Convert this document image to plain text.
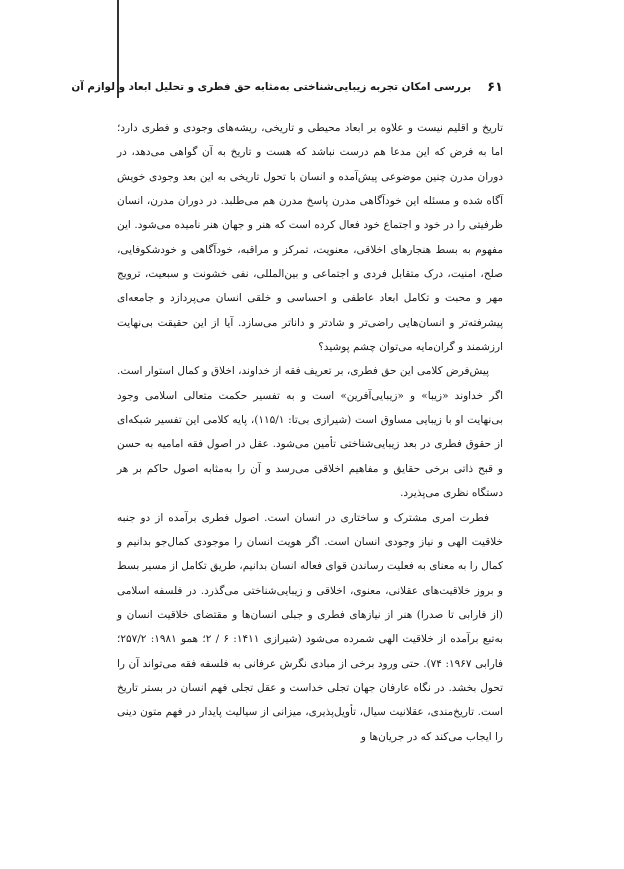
۶۱
بررسی امکان تجربه زیبایی‌شناختی به‌مثابه حق فطری و تحلیل ابعاد و لوازم آن

تاریخ و اقلیم نیست و علاوه بر ابعاد محیطی و تاریخی، ریشه‌های وجودی و فطری دارد؛ اما به فرض که این مدعا هم درست نباشد که هست و تاریخ به آن گواهی می‌دهد، در دوران مدرن چنین موضوعی پیش‌آمده و انسان با تحول تاریخی به این بعد وجودی خویش آگاه شده و مسئله این خودآگاهی مدرن پاسخ مدرن هم می‌طلبد. در دوران مدرن، انسان ظرفیتی را در خود و اجتماع خود فعال کرده است که هنر و جهان هنر نامیده می‌شود. این مفهوم به بسط هنجارهای اخلاقی، معنویت، تمرکز و مراقبه، خودآگاهی و خودشکوفایی، صلح، امنیت، درک متقابل فردی و اجتماعی و بین‌المللی، نفی خشونت و سبعیت، ترویج مهر و محبت و تکامل ابعاد عاطفی و احساسی و خلقی انسان می‌پردازد و جامعه‌ای پیشرفته‌تر و انسان‌هایی راضی‌تر و شادتر و داناتر می‌سازد. آیا از این حقیقت بی‌نهایت ارزشمند و گران‌مایه می‌توان چشم پوشید؟

پیش‌فرض کلامی این حق فطری، بر تعریف فقه از خداوند، اخلاق و کمال استوار است. اگر خداوند «زیبا» و «زیبایی‌آفرین» است و به تفسیر حکمت متعالی اسلامی وجود بی‌نهایت او با زیبایی مساوق است (شیرازی بی‌تا: ۱۱۵/۱)، پایه کلامی این تفسیر شبکه‌ای از حقوق فطری در بعد زیبایی‌شناختی تأمین می‌شود. عقل در اصول فقه امامیه به حسن و قبح ذاتی برخی حقایق و مفاهیم اخلاقی می‌رسد و آن را به‌مثابه اصول حاکم بر هر دستگاه نظری می‌پذیرد.

فطرت امری مشترک و ساختاری در انسان است. اصول فطری برآمده از دو جنبه خلاقیت الهی و نیاز وجودی انسان است. اگر هویت انسان را موجودی کمال‌جو بدانیم و کمال را به معنای به فعلیت رساندن قوای فعاله انسان بدانیم، طریق تکامل از مسیر بسط و بروز خلاقیت‌های عقلانی، معنوی، اخلاقی و زیبایی‌شناختی می‌گذرد. در فلسفه اسلامی (از فارابی تا صدرا) هنر از نیازهای فطری و جبلی انسان‌ها و مقتضای خلاقیت انسان و به‌تبع برآمده از خلاقیت الهی شمرده می‌شود (شیرازی ۱۴۱۱: ۶ / ۲؛ همو ۱۹۸۱: ۲۵۷/۲؛ فارابی ۱۹۶۷: ۷۴). حتی ورود برخی از مبادی نگرش عرفانی به فلسفه فقه می‌تواند آن را تحول بخشد. در نگاه عارفان جهان تجلی خداست و عقل تجلی فهم انسان در بستر تاریخ است. تاریخ‌مندی، عقلانیت سیال، تأویل‌پذیری، میزانی از سیالیت پایدار در فهم متون دینی را ایجاب می‌کند که در جریان‌ها و
